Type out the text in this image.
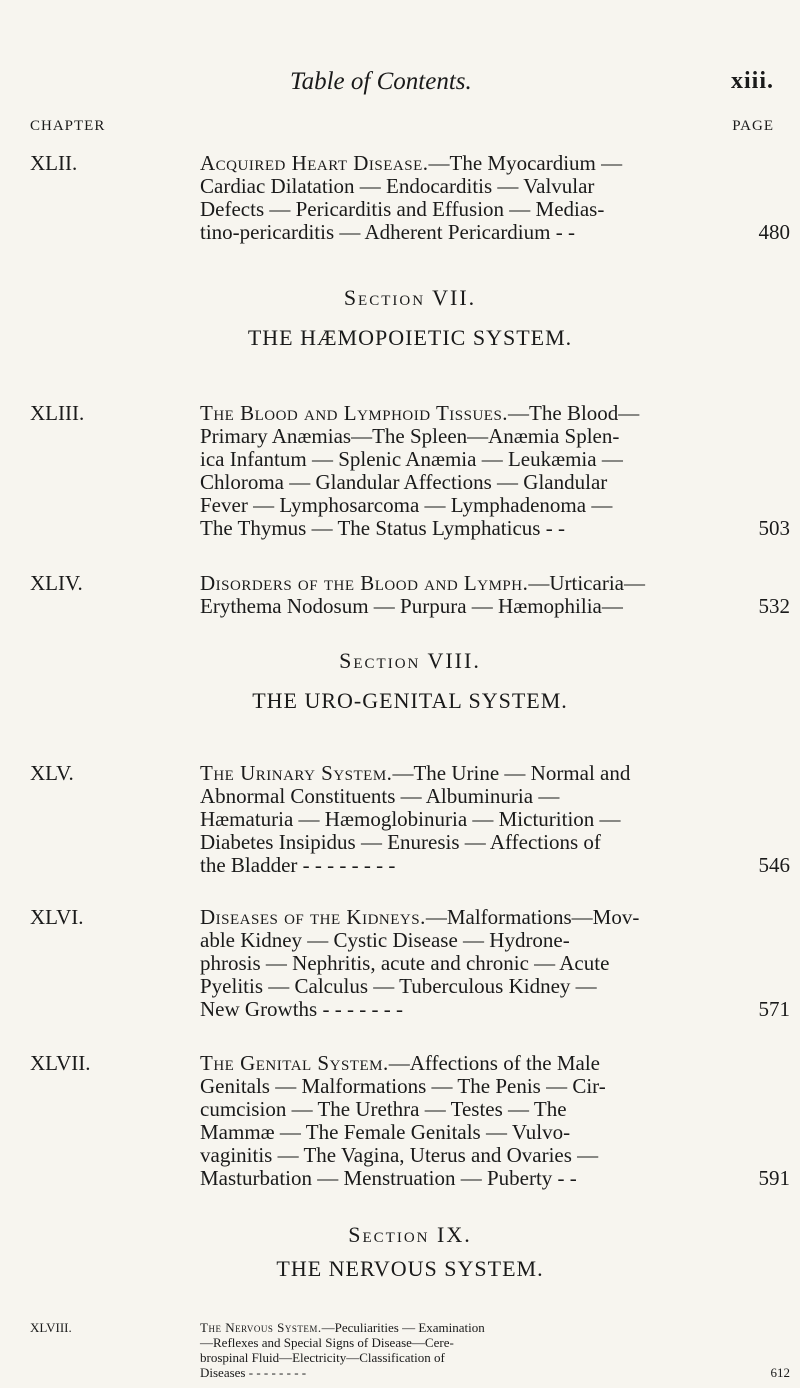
Table of Contents.	xiii.
CHAPTER	PAGE
XLII.	Acquired Heart Disease.—The Myocardium —
Cardiac Dilatation — Endocarditis — Valvular
Defects — Pericarditis and Effusion — Medias-
tino-pericarditis — Adherent Pericardium - -	480
Section VII.
THE HÆMOPOIETIC SYSTEM.
XLIII.	The Blood and Lymphoid Tissues.—The Blood—
Primary Anæmias—The Spleen—Anæmia Splen-
ica Infantum — Splenic Anæmia — Leukæmia —
Chloroma — Glandular Affections — Glandular
Fever — Lymphosarcoma — Lymphadenoma —
The Thymus — The Status Lymphaticus - -	503
XLIV.	Disorders of the Blood and Lymph.—Urticaria—
Erythema Nodosum — Purpura — Hæmophilia—	532
Section VIII.
THE URO-GENITAL SYSTEM.
XLV.	The Urinary System.—The Urine — Normal and
Abnormal Constituents — Albuminuria —
Hæmaturia — Hæmoglobinuria — Micturition —
Diabetes Insipidus — Enuresis — Affections of
the Bladder - - - - - - - -	546
XLVI.	Diseases of the Kidneys.—Malformations—Mov-
able Kidney — Cystic Disease — Hydrone-
phrosis — Nephritis, acute and chronic — Acute
Pyelitis — Calculus — Tuberculous Kidney —
New Growths - - - - - - -	571
XLVII.	The Genital System.—Affections of the Male
Genitals — Malformations — The Penis — Cir-
cumcision — The Urethra — Testes — The
Mammæ — The Female Genitals — Vulvo-
vaginitis — The Vagina, Uterus and Ovaries —
Masturbation — Menstruation — Puberty - -	591
Section IX.
THE NERVOUS SYSTEM.
XLVIII.	The Nervous System.—Peculiarities — Examination
—Reflexes and Special Signs of Disease—Cere-
brospinal Fluid—Electricity—Classification of
Diseases - - - - - - - -	612
